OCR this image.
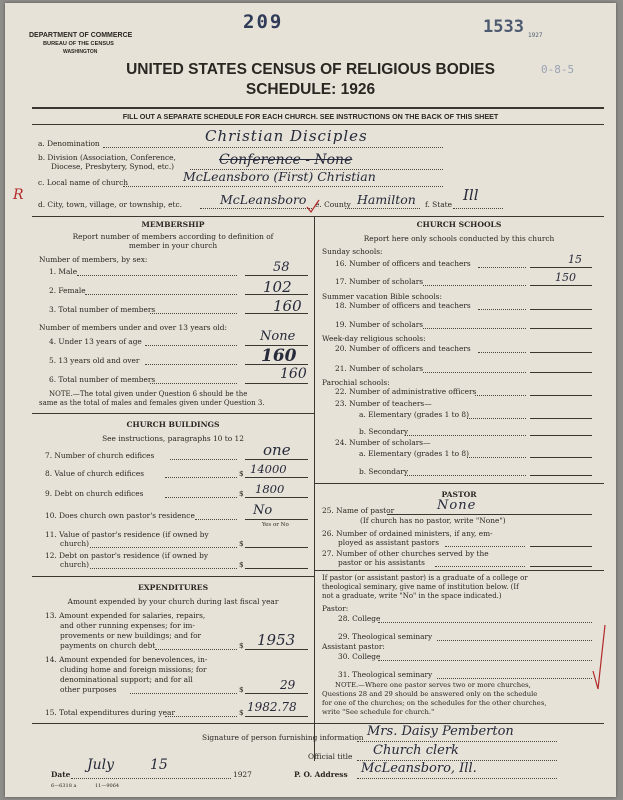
DEPARTMENT OF COMMERCE
BUREAU OF THE CENSUS
WASHINGTON
209	1533 1927
0-8-5
UNITED STATES CENSUS OF RELIGIOUS BODIES
SCHEDULE: 1926
FILL OUT A SEPARATE SCHEDULE FOR EACH CHURCH. SEE INSTRUCTIONS ON THE BACK OF THIS SHEET
a. Denomination	Christian Disciples
b. Division (Association, Conference,
Diocese, Presbytery, Synod, etc.)	Conference - None
c. Local name of church	McLeansboro (First) Christian
R
d. City, town, village, or township, etc.	McLeansboro e. County Hamilton f. State
Ill
MEMBERSHIP
Report number of members according to definition of
member in your church
Number of members, by sex:
1. Male	58
2. Female	102
3. Total number of members	160
Number of members under and over 13 years old:
4. Under 13 years of age	None
5. 13 years old and over	160
6. Total number of members	160
NOTE.—The total given under Question 6 should be the
same as the total of males and females given under Question 3.
CHURCH BUILDINGS
See instructions, paragraphs 10 to 12
7. Number of church edifices	one
8. Value of church edifices	$ 14000
9. Debt on church edifices	$ 1800
10. Does church own pastor's residence	No
Yes or No
11. Value of pastor's residence (if owned by
church)	$
12. Debt on pastor's residence (if owned by
church)	$
EXPENDITURES
Amount expended by your church during last fiscal year
13. Amount expended for salaries, repairs,
and other running expenses; for im-
provements or new buildings; and for
payments on church debt	$ 1953
14. Amount expended for benevolences, in-
cluding home and foreign missions; for
denominational support; and for all
other purposes	$	29
15. Total expenditures during year	$ 1982.78
CHURCH SCHOOLS
Report here only schools conducted by this church
Sunday schools:
16. Number of officers and teachers	15
17. Number of scholars	150
Summer vacation Bible schools:
18. Number of officers and teachers
19. Number of scholars
Week-day religious schools:
20. Number of officers and teachers
21. Number of scholars
Parochial schools:
22. Number of administrative officers
23. Number of teachers—
a. Elementary (grades 1 to 8)
b. Secondary
24. Number of scholars—
a. Elementary (grades 1 to 8)
b. Secondary
PASTOR
25. Name of pastor	None
(If church has no pastor, write "None")
26. Number of ordained ministers, if any, em-
ployed as assistant pastors
27. Number of other churches served by the
pastor or his assistants
If pastor (or assistant pastor) is a graduate of a college or
theological seminary, give name of institution below. (If
not a graduate, write "No" in the space indicated.)
Pastor:
28. College
29. Theological seminary
Assistant pastor:
30. College
31. Theological seminary
NOTE.—Where one pastor serves two or more churches,
Questions 28 and 29 should be answered only on the schedule
for one of the churches; on the schedules for the other churches,
write "See schedule for church."
Signature of person furnishing information Mrs. Daisy Pemberton
Official title Church clerk
Date
July	15
1927	P. O. Address McLeansboro, Ill.
6—6318 a	11—9064
